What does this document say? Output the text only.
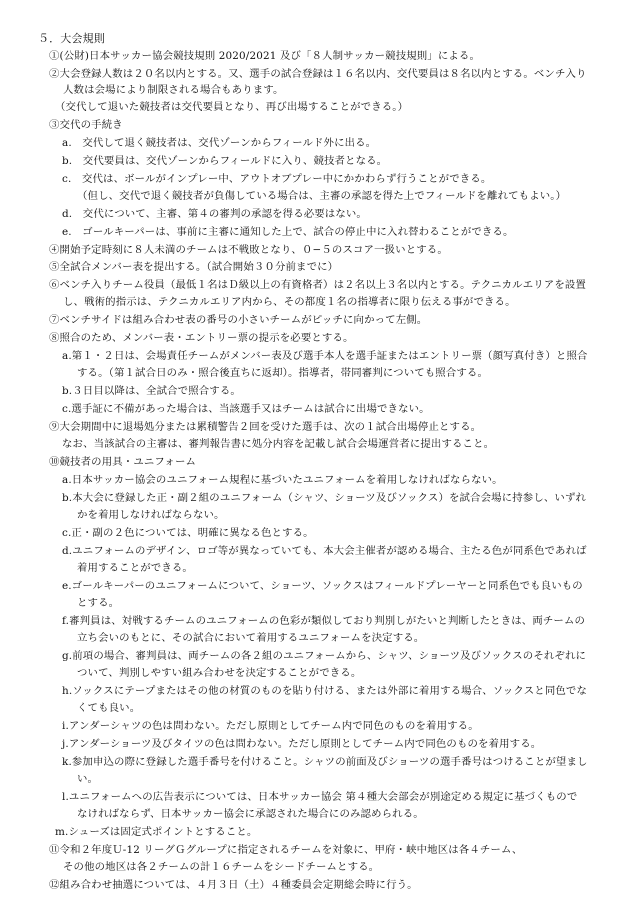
５．大会規則
①(公財)日本サッカー協会競技規則 2020/2021 及び「８人制サッカー競技規則」による。
②大会登録人数は２０名以内とする。又、選手の試合登録は１６名以内、交代要員は８名以内とする。ベンチ入り
人数は会場により制限される場合もあります。
（交代して退いた競技者は交代要員となり、再び出場することができる。）
③交代の手続き
a.　交代して退く競技者は、交代ゾーンからフィールド外に出る。
b.　交代要員は、交代ゾーンからフィールドに入り、競技者となる。
c.　交代は、ボールがインプレー中、アウトオブプレー中にかかわらず行うことができる。
（但し、交代で退く競技者が負傷している場合は、主審の承認を得た上でフィールドを離れてもよい。）
d.　交代について、主審、第４の審判の承認を得る必要はない。
e.　ゴールキーパーは、事前に主審に通知した上で、試合の停止中に入れ替わることができる。
④開始予定時刻に８人未満のチームは不戦敗となり、０−５のスコア一扱いとする。
⑤全試合メンバー表を提出する。（試合開始３０分前までに）
⑥ベンチ入りチーム役員（最低１名はＤ級以上の有資格者）は２名以上３名以内とする。テクニカルエリアを設置
し、戦術的指示は、テクニカルエリア内から、その都度１名の指導者に限り伝える事ができる。
⑦ベンチサイドは組み合わせ表の番号の小さいチームがピッチに向かって左側。
⑧照合のため、メンバー表・エントリー票の提示を必要とする。
a.第１・２日は、会場責任チームがメンバー表及び選手本人を選手証またはエントリー票（顔写真付き）と照合
する。（第１試合日のみ・照合後直ちに返却）。指導者，帯同審判についても照合する。
b.３日目以降は、全試合で照合する。
c.選手証に不備があった場合は、当該選手又はチームは試合に出場できない。
⑨大会期間中に退場処分または累積警告２回を受けた選手は、次の１試合出場停止とする。
なお、当該試合の主審は、審判報告書に処分内容を記載し試合会場運営者に提出すること。
⑩競技者の用具・ユニフォーム
a.日本サッカー協会のユニフォーム規程に基づいたユニフォームを着用しなければならない。
b.本大会に登録した正・副２組のユニフォーム（シャツ、ショーツ及びソックス）を試合会場に持参し、いずれ
かを着用しなければならない。
c.正・副の２色については、明確に異なる色とする。
d.ユニフォームのデザイン、ロゴ等が異なっていても、本大会主催者が認める場合、主たる色が同系色であれば
着用することができる。
e.ゴールキーパーのユニフォームについて、ショーツ、ソックスはフィールドプレーヤーと同系色でも良いもの
とする。
f.審判員は、対戦するチームのユニフォームの色彩が類似しており判別しがたいと判断したときは、両チームの
立ち会いのもとに、その試合において着用するユニフォームを決定する。
g.前項の場合、審判員は、両チームの各２組のユニフォームから、シャツ、ショーツ及びソックスのそれぞれに
ついて、判別しやすい組み合わせを決定することができる。
h.ソックスにテープまたはその他の材質のものを貼り付ける、または外部に着用する場合、ソックスと同色でな
くても良い。
i.アンダーシャツの色は問わない。ただし原則としてチーム内で同色のものを着用する。
j.アンダーショーツ及びタイツの色は問わない。ただし原則としてチーム内で同色のものを着用する。
k.参加申込の際に登録した選手番号を付けること。シャツの前面及びショーツの選手番号はつけることが望まし
い。
l.ユニフォームへの広告表示については、日本サッカー協会 第４種大会部会が別途定める規定に基づくもので
なければならず、日本サッカー協会に承認された場合にのみ認められる。
m.シューズは固定式ポイントとすること。
⑪令和２年度Ｕ-12 リーグＧグループに指定されるチームを対象に、甲府・峡中地区は各４チーム、
その他の地区は各２チームの計１６チームをシードチームとする。
⑫組み合わせ抽選については、４月３日（土）４種委員会定期総会時に行う。
